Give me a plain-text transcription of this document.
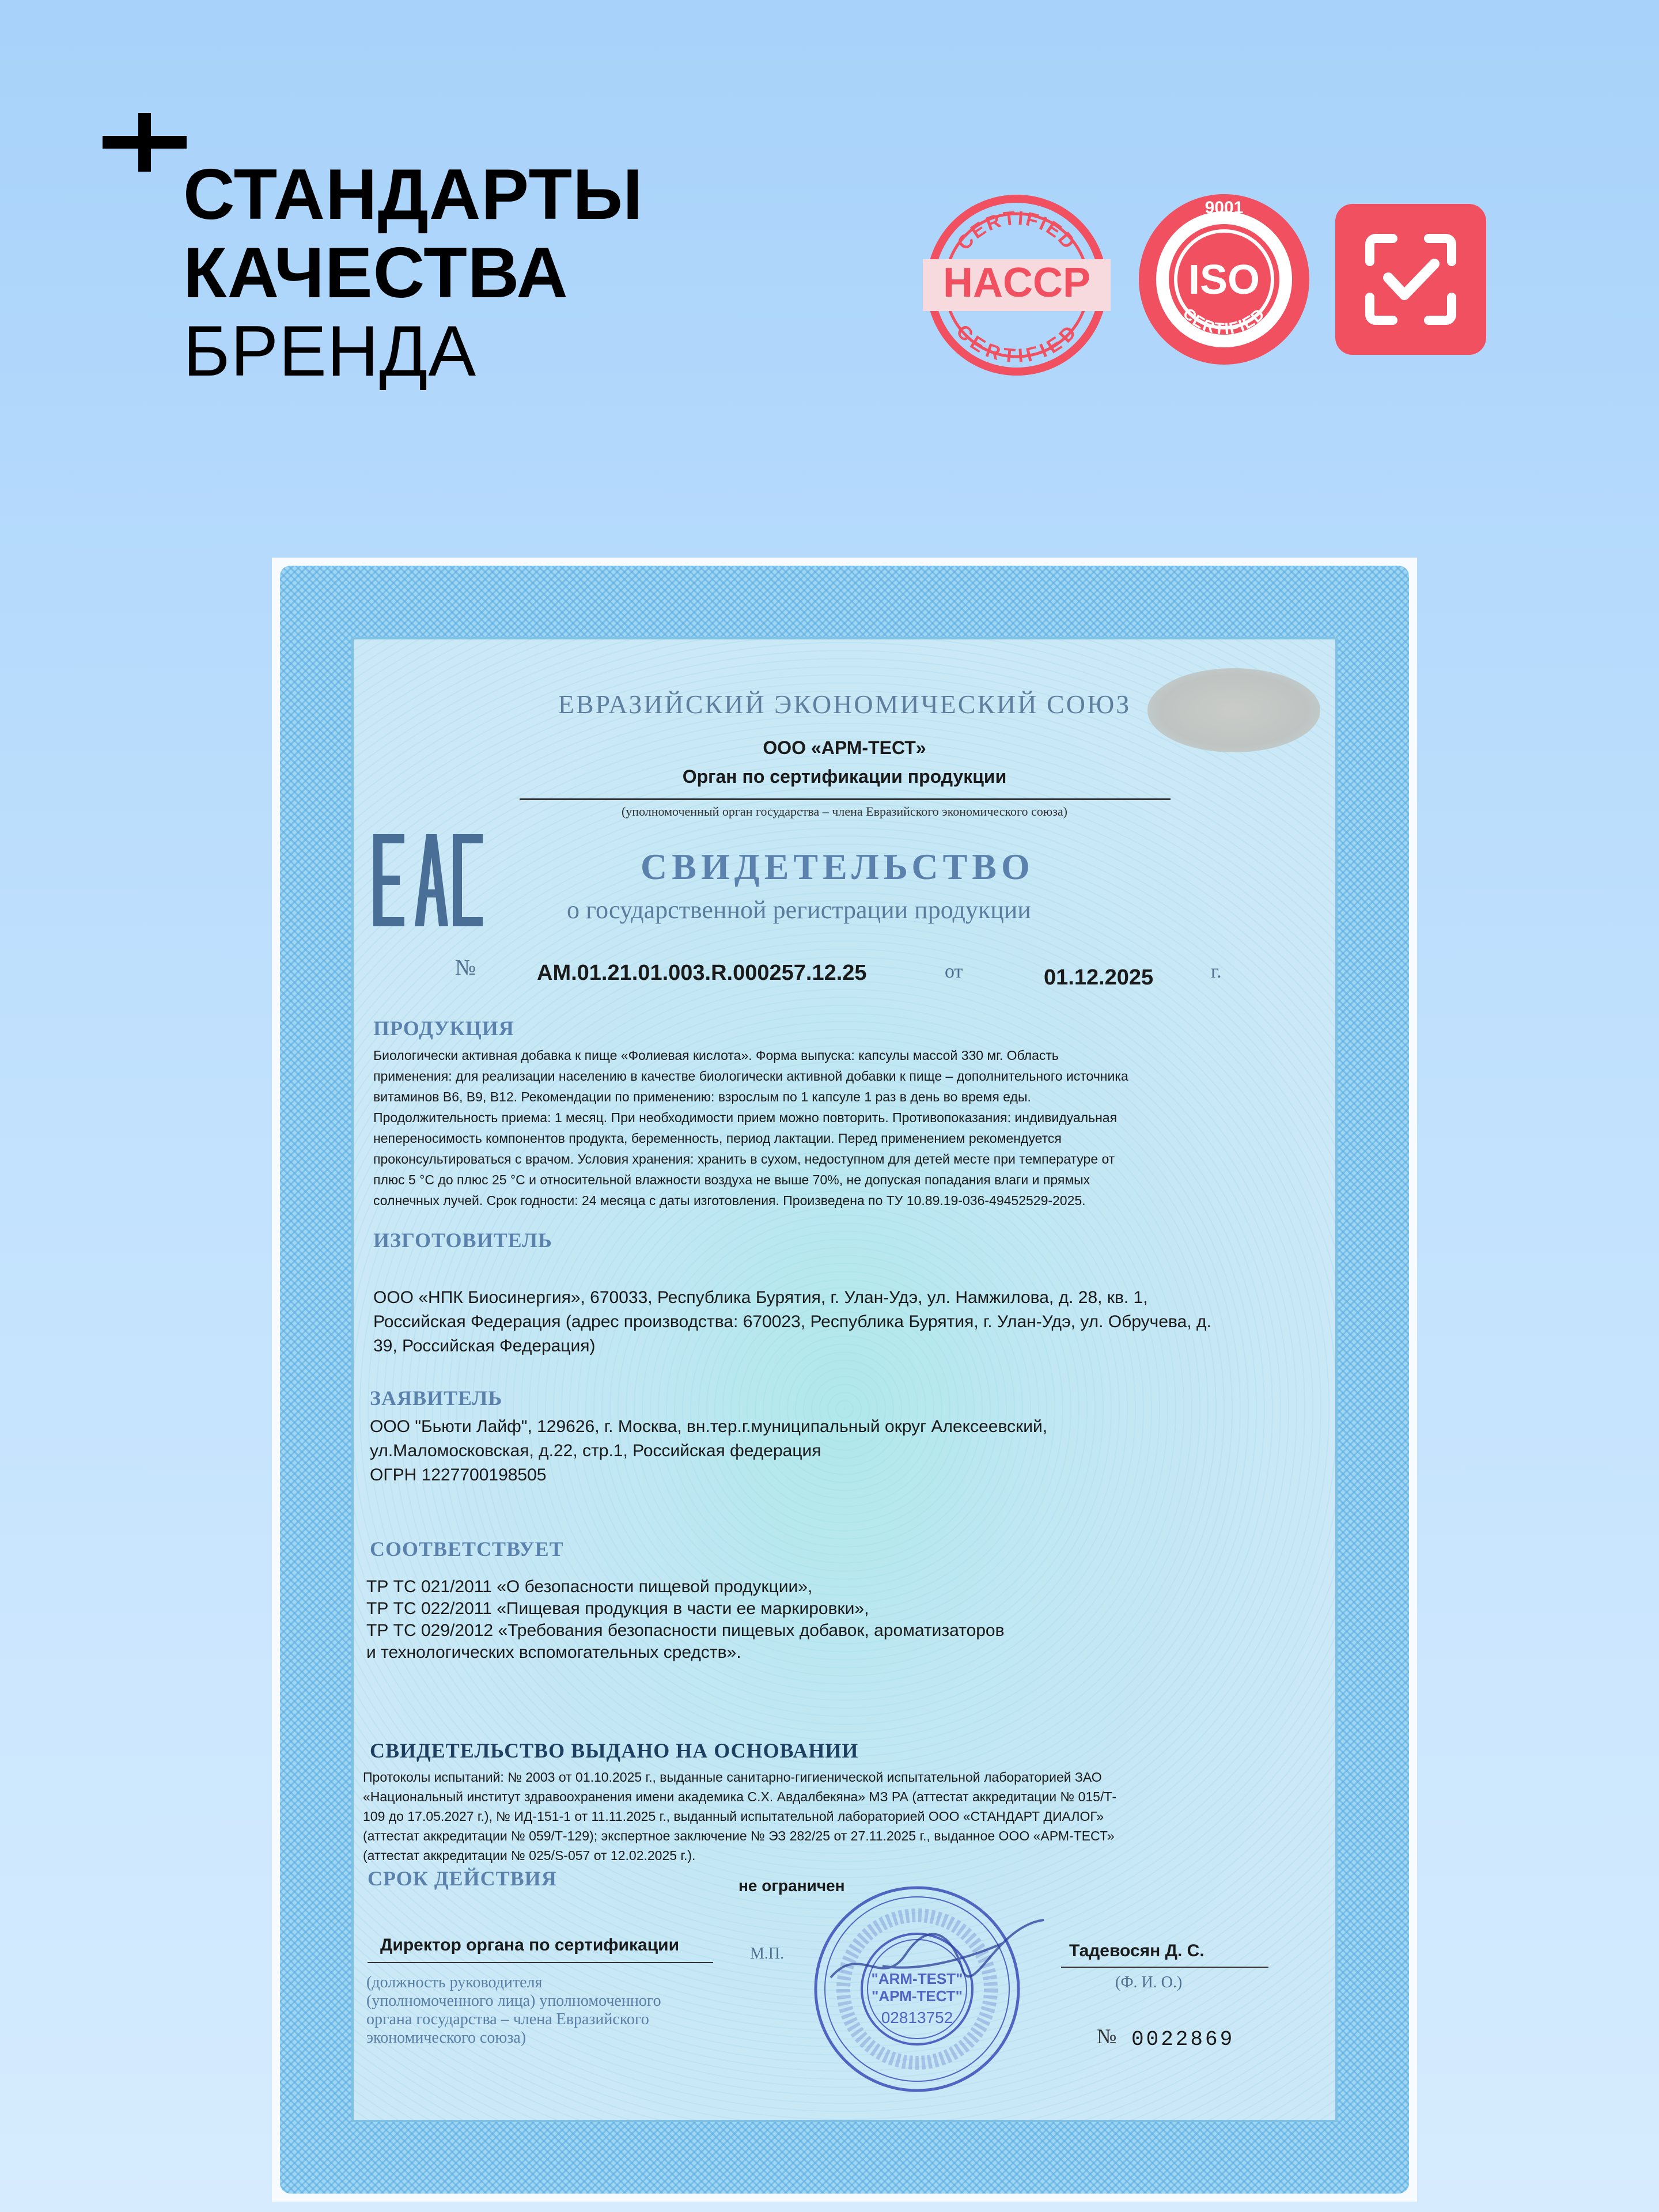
СТАНДАРТЫ
КАЧЕСТВА
БРЕНДА
CERTIFIED
HACCP
CERTIFIED
9001
ISO
CERTIFIED
ЕВРАЗИЙСКИЙ ЭКОНОМИЧЕСКИЙ СОЮЗ
ООО «АРМ-ТЕСТ»
Орган по сертификации продукции
(уполномоченный орган государства – члена Евразийского экономического союза)
СВИДЕТЕЛЬСТВО
о государственной регистрации продукции
№	AM.01.21.01.003.R.000257.12.25	от	01.12.2025	г.
ПРОДУКЦИЯ
Биологически активная добавка к пище «Фолиевая кислота». Форма выпуска: капсулы массой 330 мг. Область
применения: для реализации населению в качестве биологически активной добавки к пище – дополнительного источника
витаминов В6, В9, В12. Рекомендации по применению: взрослым по 1 капсуле 1 раз в день во время еды.
Продолжительность приема: 1 месяц. При необходимости прием можно повторить. Противопоказания: индивидуальная
непереносимость компонентов продукта, беременность, период лактации. Перед применением рекомендуется
проконсультироваться с врачом. Условия хранения: хранить в сухом, недоступном для детей месте при температуре от
плюс 5 °С до плюс 25 °С и относительной влажности воздуха не выше 70%, не допуская попадания влаги и прямых
солнечных лучей. Срок годности: 24 месяца с даты изготовления. Произведена по ТУ 10.89.19-036-49452529-2025.
ИЗГОТОВИТЕЛЬ
ООО «НПК Биосинергия», 670033, Республика Бурятия, г. Улан-Удэ, ул. Намжилова, д. 28, кв. 1,
Российская Федерация (адрес производства: 670023, Республика Бурятия, г. Улан-Удэ, ул. Обручева, д.
39, Российская Федерация)
ЗАЯВИТЕЛЬ
ООО "Бьюти Лайф", 129626, г. Москва, вн.тер.г.муниципальный округ Алексеевский,
ул.Маломосковская, д.22, стр.1, Российская федерация
ОГРН 1227700198505
СООТВЕТСТВУЕТ
ТР ТС 021/2011 «О безопасности пищевой продукции»,
ТР ТС 022/2011 «Пищевая продукция в части ее маркировки»,
ТР ТС 029/2012 «Требования безопасности пищевых добавок, ароматизаторов
и технологических вспомогательных средств».
СВИДЕТЕЛЬСТВО ВЫДАНО НА ОСНОВАНИИ
Протоколы испытаний: № 2003 от 01.10.2025 г., выданные санитарно-гигиенической испытательной лабораторией ЗАО
«Национальный институт здравоохранения имени академика С.Х. Авдалбекяна» МЗ РА (аттестат аккредитации № 015/Т-
109 до 17.05.2027 г.), № ИД-151-1 от 11.11.2025 г., выданный испытательной лабораторией ООО «СТАНДАРТ ДИАЛОГ»
(аттестат аккредитации № 059/Т-129); экспертное заключение № ЭЗ 282/25 от 27.11.2025 г., выданное ООО «АРМ-ТЕСТ»
(аттестат аккредитации № 025/S-057 от 12.02.2025 г.).
СРОК ДЕЙСТВИЯ	не ограничен
Директор органа по сертификации	М.П.	Тадевосян Д. С.
(Ф. И. О.)
(должность руководителя
(уполномоченного лица) уполномоченного
органа государства – члена Евразийского
экономического союза)	№ 0022869
"ARM-TEST"
"АРМ-ТЕСТ"
02813752
